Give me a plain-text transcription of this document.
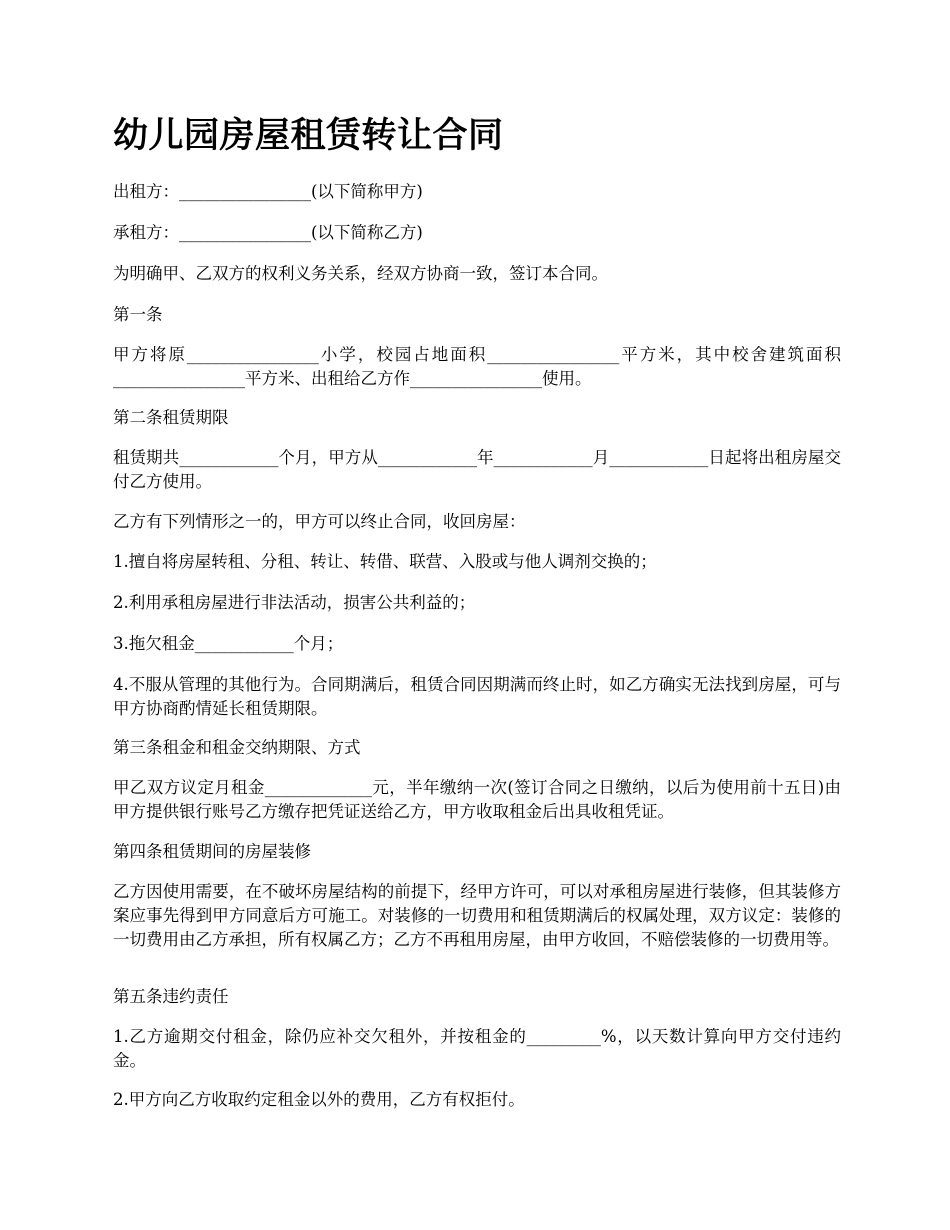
幼儿园房屋租赁转让合同

出租方：________________(以下简称甲方)

承租方：________________(以下简称乙方)

为明确甲、乙双方的权利义务关系，经双方协商一致，签订本合同。

第一条

甲方将原________________小学，校园占地面积________________平方米，其中校舍建筑面积________________平方米、出租给乙方作________________使用。

第二条租赁期限

租赁期共____________个月，甲方从____________年____________月____________日起将出租房屋交付乙方使用。

乙方有下列情形之一的，甲方可以终止合同，收回房屋：

1.擅自将房屋转租、分租、转让、转借、联营、入股或与他人调剂交换的；

2.利用承租房屋进行非法活动，损害公共利益的；

3.拖欠租金____________个月；

4.不服从管理的其他行为。合同期满后，租赁合同因期满而终止时，如乙方确实无法找到房屋，可与甲方协商酌情延长租赁期限。

第三条租金和租金交纳期限、方式

甲乙双方议定月租金_____________元，半年缴纳一次(签订合同之日缴纳，以后为使用前十五日)由甲方提供银行账号乙方缴存把凭证送给乙方，甲方收取租金后出具收租凭证。

第四条租赁期间的房屋装修

乙方因使用需要，在不破坏房屋结构的前提下，经甲方许可，可以对承租房屋进行装修，但其装修方案应事先得到甲方同意后方可施工。对装修的一切费用和租赁期满后的权属处理，双方议定：装修的一切费用由乙方承担，所有权属乙方；乙方不再租用房屋，由甲方收回，不赔偿装修的一切费用等。

第五条违约责任

1.乙方逾期交付租金，除仍应补交欠租外，并按租金的_________%，以天数计算向甲方交付违约金。

2.甲方向乙方收取约定租金以外的费用，乙方有权拒付。
